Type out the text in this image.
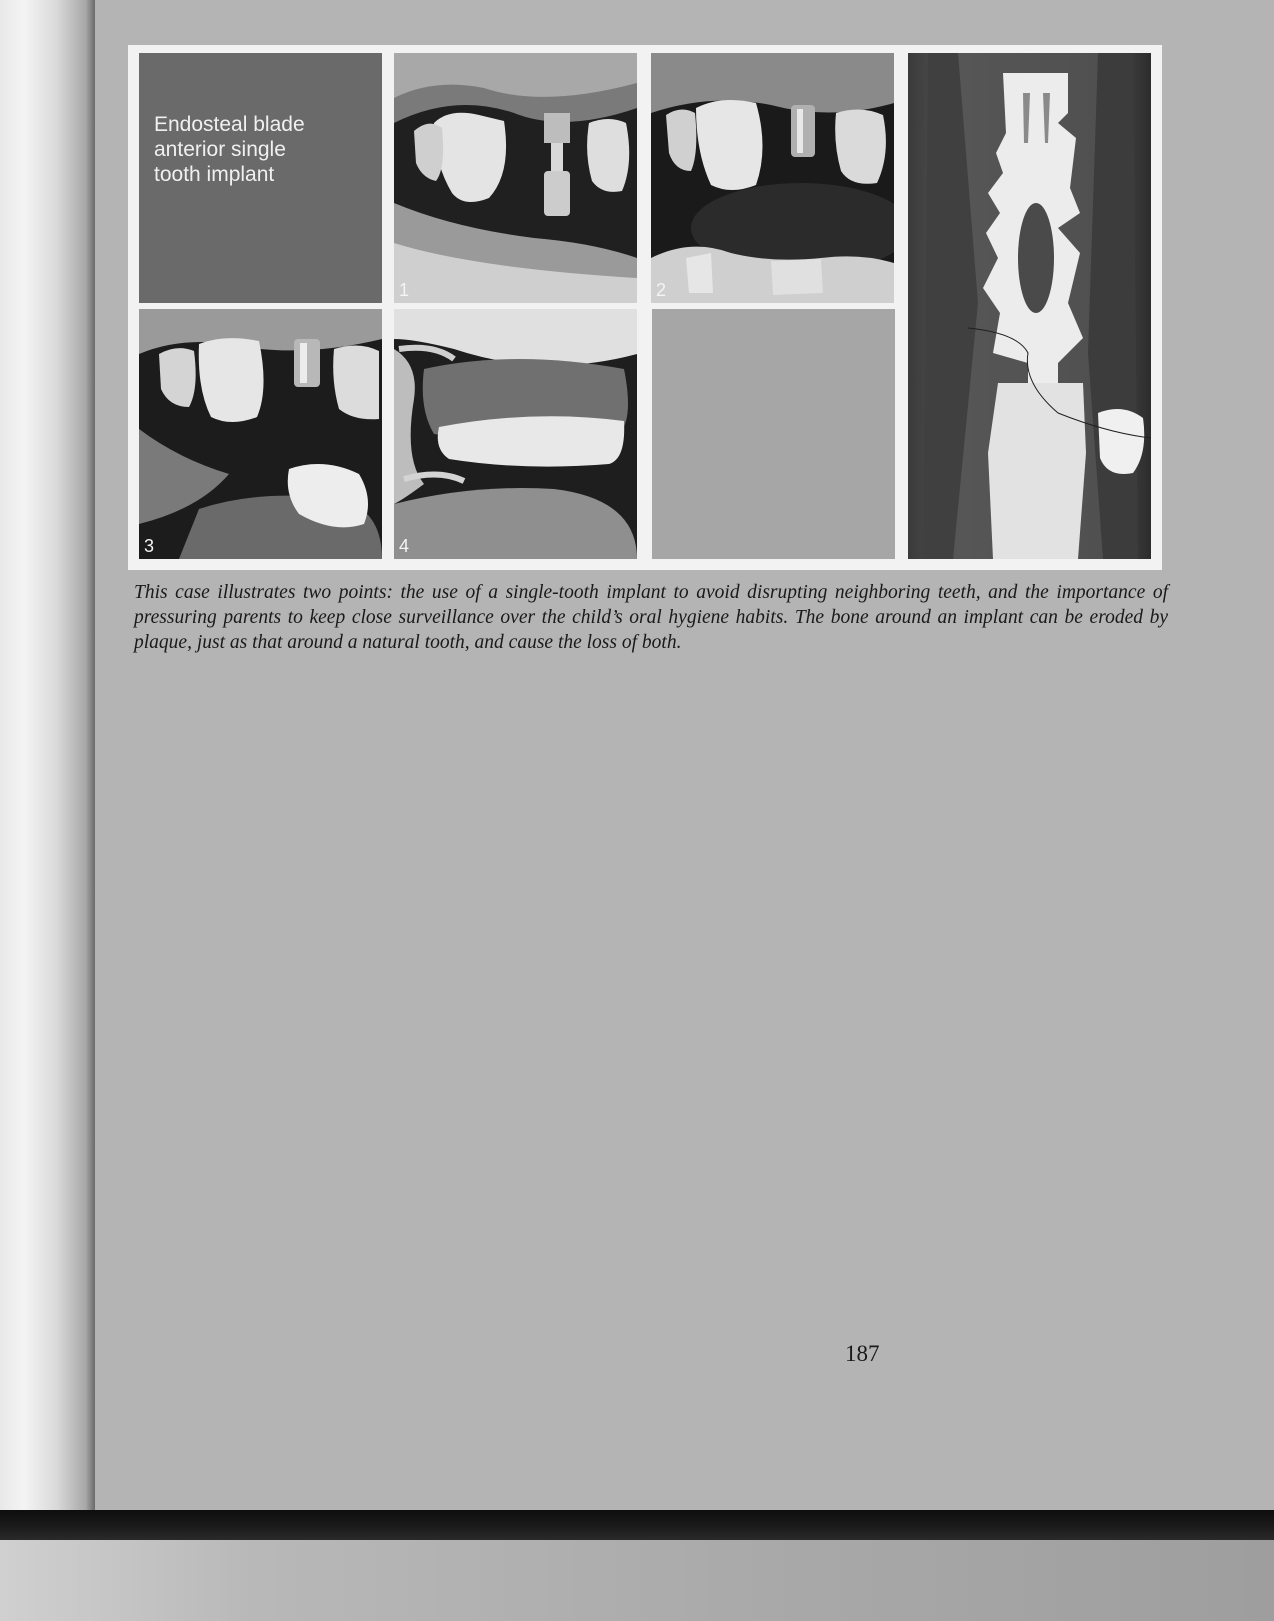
Endosteal blade
anterior single
tooth implant
1	2
3	4
This case illustrates two points: the use of a single-tooth implant to avoid disrupting neighboring teeth, and the importance of pressuring parents to keep close surveillance over the child’s oral hygiene habits. The bone around an implant can be eroded by plaque, just as that around a natural tooth, and cause the loss of both.
187
